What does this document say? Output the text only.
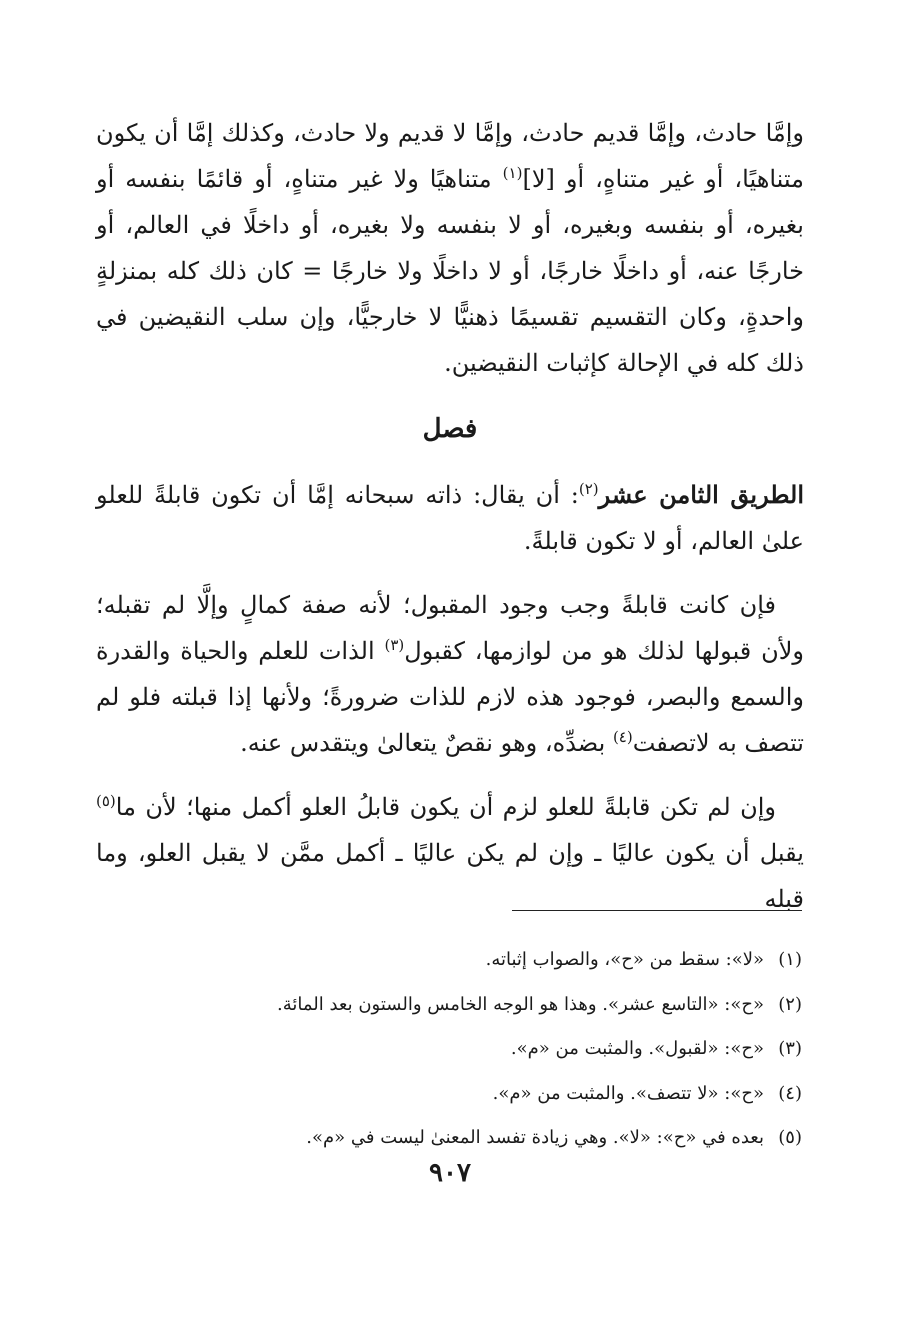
وإمَّا حادث، وإمَّا قديم حادث، وإمَّا لا قديم ولا حادث، وكذلك إمَّا أن يكون متناهيًا، أو غير متناهٍ، أو [لا]$^{(١)}$ متناهيًا ولا غير متناهٍ، أو قائمًا بنفسه أو بغيره، أو بنفسه وبغيره، أو لا بنفسه ولا بغيره، أو داخلًا في العالم، أو خارجًا عنه، أو داخلًا خارجًا، أو لا داخلًا ولا خارجًا = كان ذلك كله بمنزلةٍ واحدةٍ، وكان التقسيم تقسيمًا ذهنيًّا لا خارجيًّا، وإن سلب النقيضين في ذلك كله في الإحالة كإثبات النقيضين.

فصل

الطريق الثامن عشر$^{(٢)}$: أن يقال: ذاته سبحانه إمَّا أن تكون قابلةً للعلو علىٰ العالم، أو لا تكون قابلةً.

فإن كانت قابلةً وجب وجود المقبول؛ لأنه صفة كمالٍ وإلَّا لم تقبله؛ ولأن قبولها لذلك هو من لوازمها، كقبول$^{(٣)}$ الذات للعلم والحياة والقدرة والسمع والبصر، فوجود هذه لازم للذات ضرورةً؛ ولأنها إذا قبلته فلو لم تتصف به لاتصفت$^{(٤)}$ بضدِّه، وهو نقصٌ يتعالىٰ ويتقدس عنه.

وإن لم تكن قابلةً للعلو لزم أن يكون قابلُ العلو أكمل منها؛ لأن ما$^{(٥)}$ يقبل أن يكون عاليًا ـ وإن لم يكن عاليًا ـ أكمل ممَّن لا يقبل العلو، وما قبله

(١)«لا»: سقط من «ح»، والصواب إثباته.
(٢)«ح»: «التاسع عشر». وهذا هو الوجه الخامس والستون بعد المائة.
(٣)«ح»: «لقبول». والمثبت من «م».
(٤)«ح»: «لا تتصف». والمثبت من «م».
(٥)بعده في «ح»: «لا». وهي زيادة تفسد المعنىٰ ليست في «م».
٩٠٧
